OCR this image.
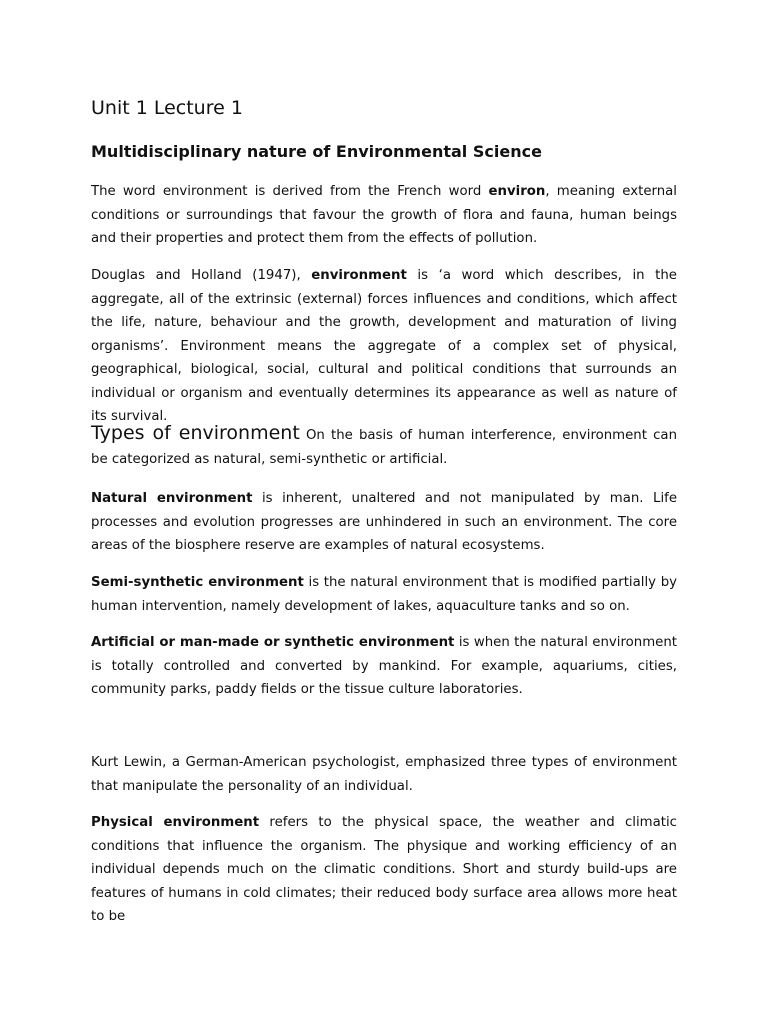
Unit 1 Lecture 1
Multidisciplinary nature of Environmental Science

The word environment is derived from the French word environ, meaning external conditions or surroundings that favour the growth of flora and fauna, human beings and their properties and protect them from the effects of pollution.

Douglas and Holland (1947), environment is ‘a word which describes, in the aggregate, all of the extrinsic (external) forces influences and conditions, which affect the life, nature, behaviour and the growth, development and maturation of living organisms’. Environment means the aggregate of a complex set of physical, geographical, biological, social, cultural and political conditions that surrounds an individual or organism and eventually determines its appearance as well as nature of its survival.

Types of environment On the basis of human interference, environment can be categorized as natural, semi-synthetic or artificial.

Natural environment is inherent, unaltered and not manipulated by man. Life processes and evolution progresses are unhindered in such an environment. The core areas of the biosphere reserve are examples of natural ecosystems.

Semi-synthetic environment is the natural environment that is modified partially by human intervention, namely development of lakes, aquaculture tanks and so on.

Artificial or man-made or synthetic environment is when the natural environment is totally controlled and converted by mankind. For example, aquariums, cities, community parks, paddy fields or the tissue culture laboratories.

Kurt Lewin, a German-American psychologist, emphasized three types of environment that manipulate the personality of an individual.

Physical environment refers to the physical space, the weather and climatic conditions that influence the organism. The physique and working efficiency of an individual depends much on the climatic conditions. Short and sturdy build-ups are features of humans in cold climates; their reduced body surface area allows more heat to be
